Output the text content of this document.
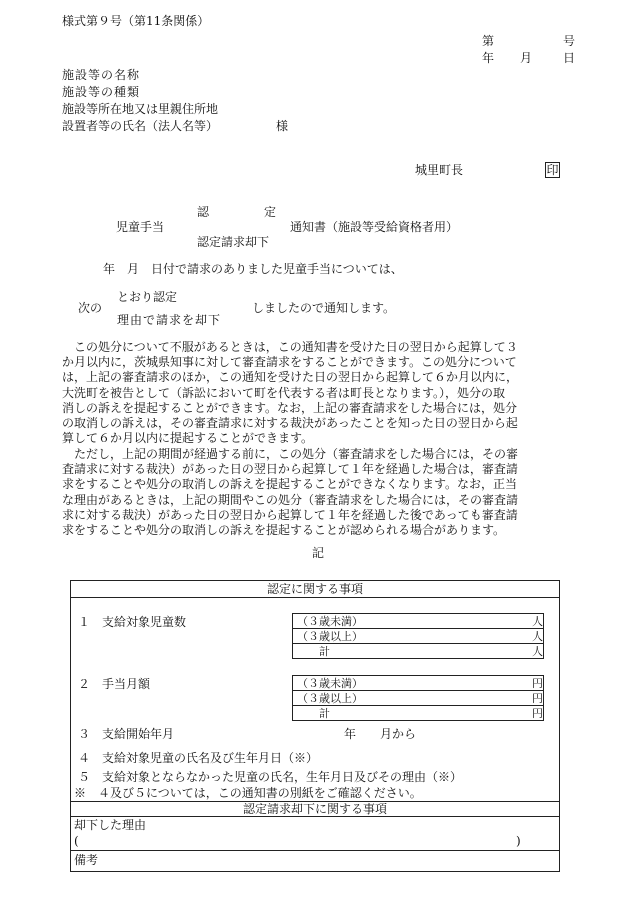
様式第９号（第11条関係）
第	号
年 月	日
施設等の名称
施設等の種類
施設等所在地又は里親住所地
設置者等の氏名（法人名等）	様
城里町長	印
認	定
児童手当	通知書（施設等受給資格者用）
認定請求却下
年　月　日付で請求のありました児童手当については、
とおり認定
次の	しましたので通知します。
理由で請求を却下
この処分について不服があるときは，この通知書を受けた日の翌日から起算して３
か月以内に，茨城県知事に対して審査請求をすることができます。この処分について
は，上記の審査請求のほか，この通知を受けた日の翌日から起算して６か月以内に，
大洗町を被告として（訴訟において町を代表する者は町長となります。），処分の取
消しの訴えを提起することができます。なお，上記の審査請求をした場合には，処分
の取消しの訴えは，その審査請求に対する裁決があったことを知った日の翌日から起
算して６か月以内に提起することができます。
ただし，上記の期間が経過する前に，この処分（審査請求をした場合には，その審
査請求に対する裁決）があった日の翌日から起算して１年を経過した場合は，審査請
求をすることや処分の取消しの訴えを提起することができなくなります。なお，正当
な理由があるときは，上記の期間やこの処分（審査請求をした場合には，その審査請
求に対する裁決）があった日の翌日から起算して１年を経過した後であっても審査請
求をすることや処分の取消しの訴えを提起することが認められる場合があります。
記
認定に関する事項
１　支給対象児童数	（３歳未満）	人
（３歳以上）	人
計	人
２　手当月額	（３歳未満）	円
（３歳以上）	円
計	円
３　支給開始年月	年　　月から
４　支給対象児童の氏名及び生年月日（※）
５　支給対象とならなかった児童の氏名，生年月日及びその理由（※）
※　４及び５については，この通知書の別紙をご確認ください。
認定請求却下に関する事項
却下した理由
(	)
備考
